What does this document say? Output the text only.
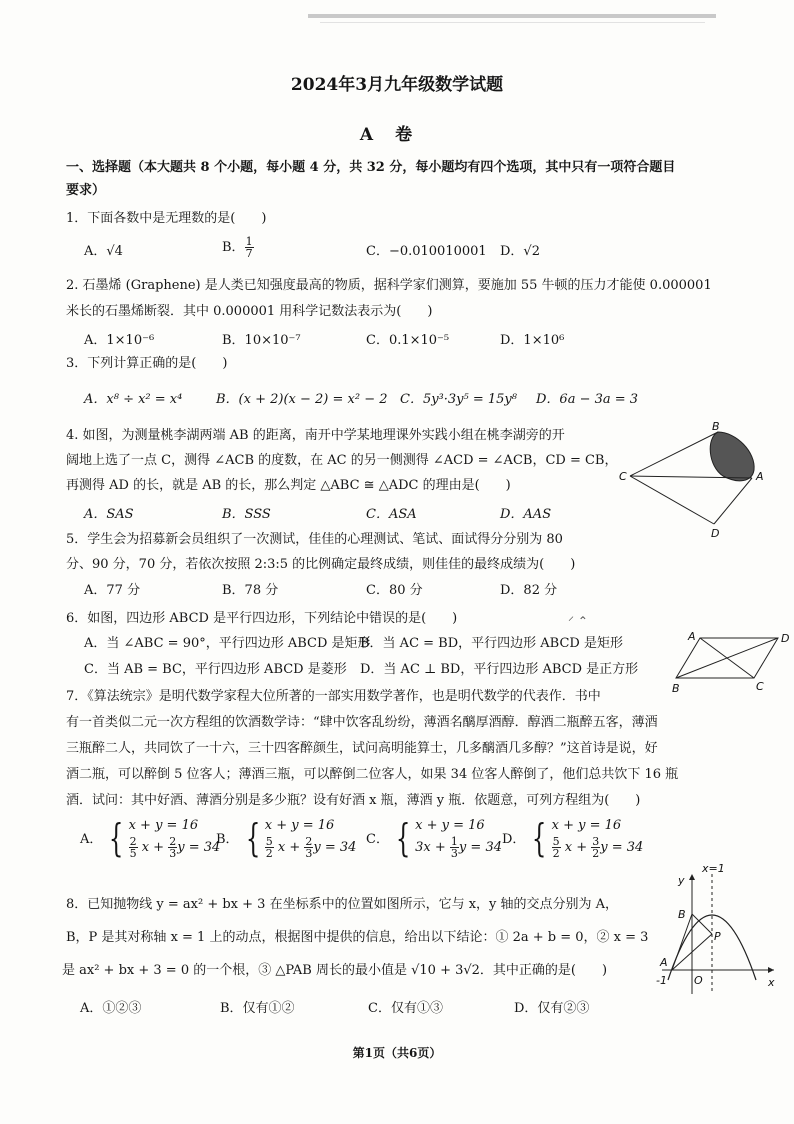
2024年3月九年级数学试题
A卷
一、选择题（本大题共 8 个小题，每小题 4 分，共 32 分，每小题均有四个选项，其中只有一项符合题目
要求）
1．下面各数中是无理数的是(　　)
A．√4	B． $\frac{1}{7}$	C．−0.010010001 D．√2
2. 石墨烯 (Graphene) 是人类已知强度最高的物质，据科学家们测算，要施加 55 牛顿的压力才能使 0.000001
米长的石墨烯断裂．其中 0.000001 用科学记数法表示为(　　)
A．1×10⁻⁶	B．10×10⁻⁷	C．0.1×10⁻⁵	D．1×10⁶
3．下列计算正确的是(　　)
A．x⁸ ÷ x² = x⁴	B．(x + 2)(x − 2) = x² − 2 C．5y³·3y⁵ = 15y⁸ D．6a − 3a = 3
4. 如图，为测量桃李湖两端 AB 的距离，南开中学某地理课外实践小组在桃李湖旁的开
阔地上选了一点 C，测得 ∠ACB 的度数，在 AC 的另一侧测得 ∠ACD = ∠ACB，CD = CB，
再测得 AD 的长，就是 AB 的长，那么判定 △ABC ≅ △ADC 的理由是(　　)
A．SAS	B．SSS	C．ASA	D．AAS
B
C	A
D
5．学生会为招募新会员组织了一次测试，佳佳的心理测试、笔试、面试得分分别为 80
分、90 分，70 分，若依次按照 2:3:5 的比例确定最终成绩，则佳佳的最终成绩为(　　)
A．77 分	B．78 分	C．80 分	D．82 分
6．如图，四边形 ABCD 是平行四边形，下列结论中错误的是(　　)	⸍ ⌃
A．当 ∠ABC = 90°，平行四边形 ABCD 是矩形
B．当 AC = BD，平行四边形 ABCD 是矩形
C．当 AB = BC，平行四边形 ABCD 是菱形 D．当 AC ⊥ BD，平行四边形 ABCD 是正方形
A	D
B	C
7．《算法统宗》是明代数学家程大位所著的一部实用数学著作，也是明代数学的代表作．书中
有一首类似二元一次方程组的饮酒数学诗：“肆中饮客乱纷纷，薄酒名醨厚酒醇．醇酒二瓶醉五客，薄酒
三瓶醉二人，共同饮了一十六，三十四客醉颜生，试问高明能算士，几多醨酒几多醇？”这首诗是说，好
酒二瓶，可以醉倒 5 位客人；薄酒三瓶，可以醉倒二位客人，如果 34 位客人醉倒了，他们总共饮下 16 瓶
酒．试问：其中好酒、薄酒分别是多少瓶？设有好酒 x 瓶，薄酒 y 瓶．依题意，可列方程组为(　　)
A． { x + y = 16
$\frac{2}{5}$ $x + \frac{2}{3}$ y = 34
B． { x + y = 16
$\frac{5}{2}$ $x + \frac{2}{3}$ y = 34
C． { x + y = 16
$3x + \frac{1}{3}$ y = 34
D． { x + y = 16
$\frac{5}{2}$ $x + \frac{3}{2}$ y = 34
8．已知抛物线 y = ax² + bx + 3 在坐标系中的位置如图所示，它与 x，y 轴的交点分别为 A，
B，P 是其对称轴 x = 1 上的动点，根据图中提供的信息，给出以下结论：① 2a + b = 0，② x = 3
是 ax² + bx + 3 = 0 的一个根，③ △PAB 周长的最小值是 √10 + 3√2．其中正确的是(　　)
A．①②③	B．仅有①②	C．仅有①③	D．仅有②③
x=1
y
B
P
A
-1 O	x
第1页（共6页）
